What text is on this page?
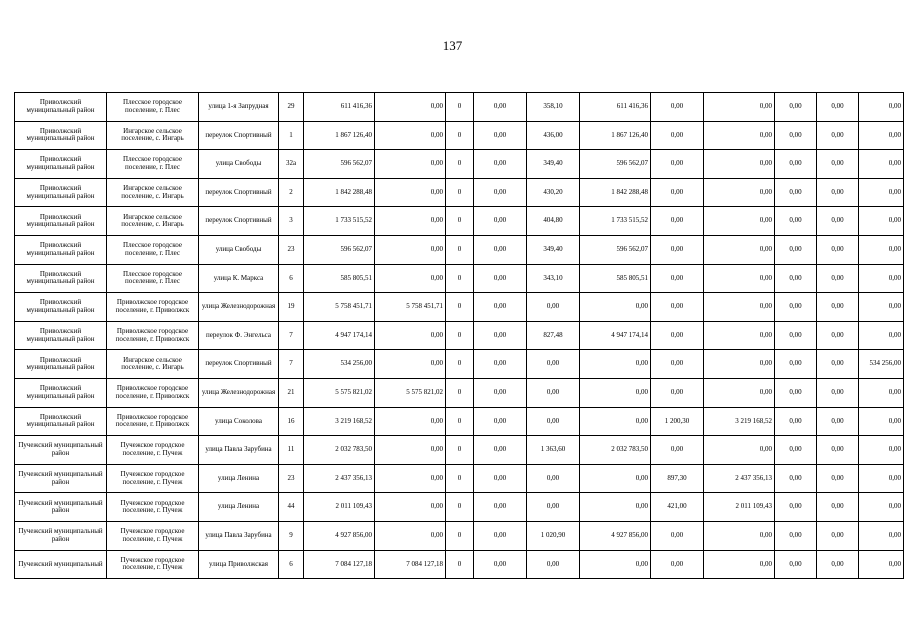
137
Приволжский муниципальный район	Плесское городское поселение, г. Плес	улица 1-я Запрудная	29	611 416,36	0,00	0	0,00	358,10	611 416,36	0,00	0,00	0,00	0,00	0,00
Приволжский муниципальный район	Ингарское сельское поселение, с. Ингарь	переулок Спортивный	1	1 867 126,40	0,00	0	0,00	436,00	1 867 126,40	0,00	0,00	0,00	0,00	0,00
Приволжский муниципальный район	Плесское городское поселение, г. Плес	улица Свободы	32а	596 562,07	0,00	0	0,00	349,40	596 562,07	0,00	0,00	0,00	0,00	0,00
Приволжский муниципальный район	Ингарское сельское поселение, с. Ингарь	переулок Спортивный	2	1 842 288,48	0,00	0	0,00	430,20	1 842 288,48	0,00	0,00	0,00	0,00	0,00
Приволжский муниципальный район	Ингарское сельское поселение, с. Ингарь	переулок Спортивный	3	1 733 515,52	0,00	0	0,00	404,80	1 733 515,52	0,00	0,00	0,00	0,00	0,00
Приволжский муниципальный район	Плесское городское поселение, г. Плес	улица Свободы	23	596 562,07	0,00	0	0,00	349,40	596 562,07	0,00	0,00	0,00	0,00	0,00
Приволжский муниципальный район	Плесское городское поселение, г. Плес	улица К. Маркса	6	585 805,51	0,00	0	0,00	343,10	585 805,51	0,00	0,00	0,00	0,00	0,00
Приволжский муниципальный район	Приволжское городское поселение, г. Приволжск	улица Железнодорожная	19	5 758 451,71	5 758 451,71	0	0,00	0,00	0,00	0,00	0,00	0,00	0,00	0,00
Приволжский муниципальный район	Приволжское городское поселение, г. Приволжск	переулок Ф. Энгельса	7	4 947 174,14	0,00	0	0,00	827,48	4 947 174,14	0,00	0,00	0,00	0,00	0,00
Приволжский муниципальный район	Ингарское сельское поселение, с. Ингарь	переулок Спортивный	7	534 256,00	0,00	0	0,00	0,00	0,00	0,00	0,00	0,00	0,00	534 256,00
Приволжский муниципальный район	Приволжское городское поселение, г. Приволжск	улица Железнодорожная	21	5 575 821,02	5 575 821,02	0	0,00	0,00	0,00	0,00	0,00	0,00	0,00	0,00
Приволжский муниципальный район	Приволжское городское поселение, г. Приволжск	улица Соколова	16	3 219 168,52	0,00	0	0,00	0,00	0,00	1 200,30	3 219 168,52	0,00	0,00	0,00
Пучежский муниципальный район	Пучежское городское поселение, г. Пучеж	улица Павла Зарубина	11	2 032 783,50	0,00	0	0,00	1 363,60	2 032 783,50	0,00	0,00	0,00	0,00	0,00
Пучежский муниципальный район	Пучежское городское поселение, г. Пучеж	улица Ленина	23	2 437 356,13	0,00	0	0,00	0,00	0,00	897,30	2 437 356,13	0,00	0,00	0,00
Пучежский муниципальный район	Пучежское городское поселение, г. Пучеж	улица Ленина	44	2 011 109,43	0,00	0	0,00	0,00	0,00	421,00	2 011 109,43	0,00	0,00	0,00
Пучежский муниципальный район	Пучежское городское поселение, г. Пучеж	улица Павла Зарубина	9	4 927 856,00	0,00	0	0,00	1 020,90	4 927 856,00	0,00	0,00	0,00	0,00	0,00
Пучежский муниципальный	Пучежское городское поселение, г. Пучеж	улица Приволжская	6	7 084 127,18	7 084 127,18	0	0,00	0,00	0,00	0,00	0,00	0,00	0,00	0,00
